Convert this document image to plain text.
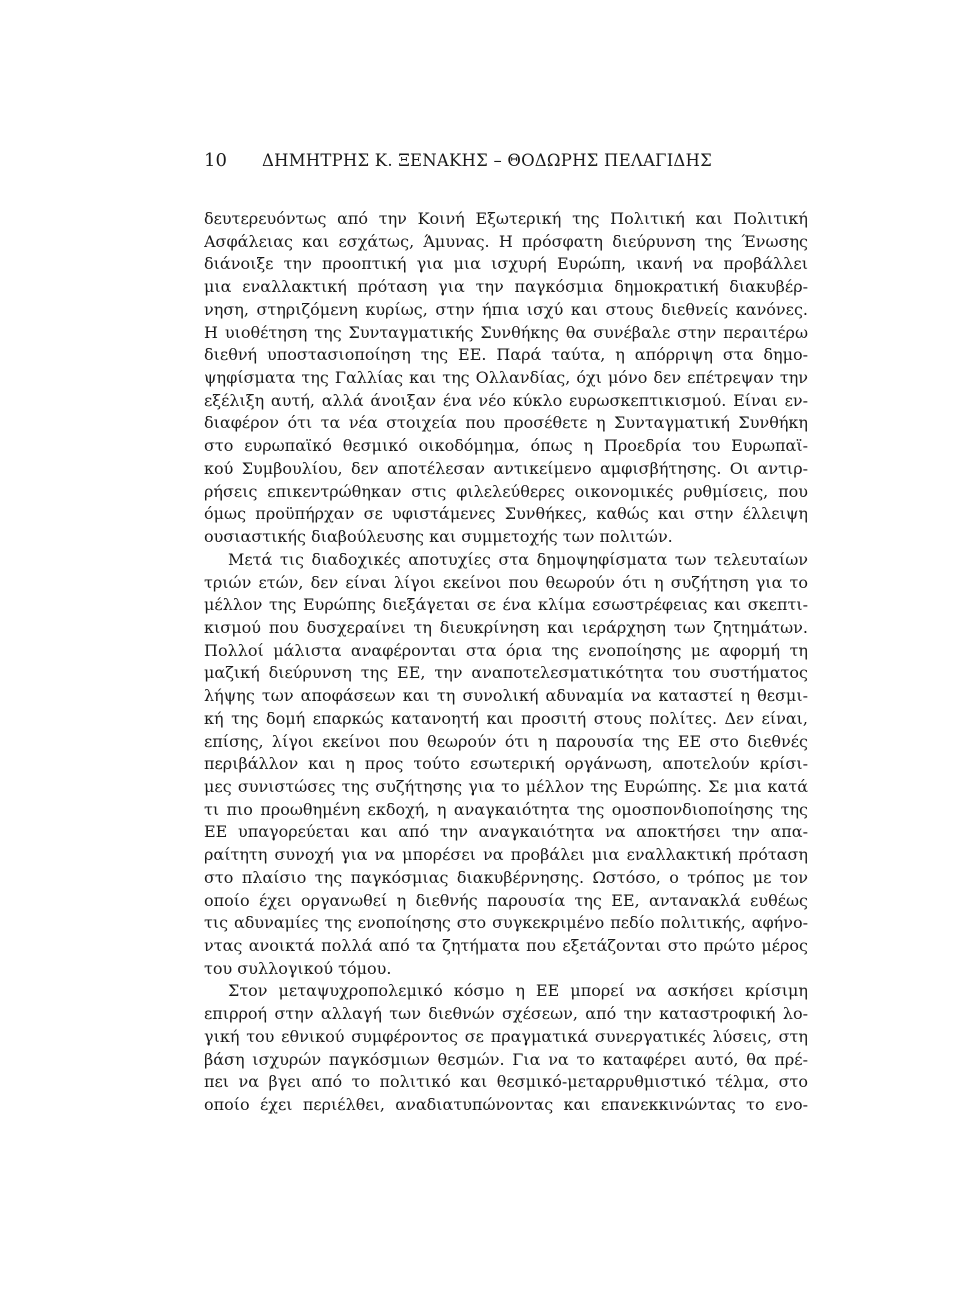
10	ΔΗΜΗΤΡΗΣ Κ. ΞΕΝΑΚΗΣ – ΘΟΔΩΡΗΣ ΠΕΛΑΓΙΔΗΣ
δευτερευόντως από την Κοινή Εξωτερική της Πολιτική και Πολιτική
Ασφάλειας και εσχάτως, Άμυνας. Η πρόσφατη διεύρυνση της Ένωσης
διάνοιξε την προοπτική για μια ισχυρή Ευρώπη, ικανή να προβάλλει
μια εναλλακτική πρόταση για την παγκόσμια δημοκρατική διακυβέρ-
νηση, στηριζόμενη κυρίως, στην ήπια ισχύ και στους διεθνείς κανόνες.
Η υιοθέτηση της Συνταγματικής Συνθήκης θα συνέβαλε στην περαιτέρω
διεθνή υποστασιοποίηση της ΕΕ. Παρά ταύτα, η απόρριψη στα δημο-
ψηφίσματα της Γαλλίας και της Ολλανδίας, όχι μόνο δεν επέτρεψαν την
εξέλιξη αυτή, αλλά άνοιξαν ένα νέο κύκλο ευρωσκεπτικισμού. Είναι εν-
διαφέρον ότι τα νέα στοιχεία που προσέθετε η Συνταγματική Συνθήκη
στο ευρωπαϊκό θεσμικό οικοδόμημα, όπως η Προεδρία του Ευρωπαϊ-
κού Συμβουλίου, δεν αποτέλεσαν αντικείμενο αμφισβήτησης. Οι αντιρ-
ρήσεις επικεντρώθηκαν στις φιλελεύθερες οικονομικές ρυθμίσεις, που
όμως προϋπήρχαν σε υφιστάμενες Συνθήκες, καθώς και στην έλλειψη
ουσιαστικής διαβούλευσης και συμμετοχής των πολιτών.
Μετά τις διαδοχικές αποτυχίες στα δημοψηφίσματα των τελευταίων
τριών ετών, δεν είναι λίγοι εκείνοι που θεωρούν ότι η συζήτηση για το
μέλλον της Ευρώπης διεξάγεται σε ένα κλίμα εσωστρέφειας και σκεπτι-
κισμού που δυσχεραίνει τη διευκρίνηση και ιεράρχηση των ζητημάτων.
Πολλοί μάλιστα αναφέρονται στα όρια της ενοποίησης με αφορμή τη
μαζική διεύρυνση της ΕΕ, την αναποτελεσματικότητα του συστήματος
λήψης των αποφάσεων και τη συνολική αδυναμία να καταστεί η θεσμι-
κή της δομή επαρκώς κατανοητή και προσιτή στους πολίτες. Δεν είναι,
επίσης, λίγοι εκείνοι που θεωρούν ότι η παρουσία της ΕΕ στο διεθνές
περιβάλλον και η προς τούτο εσωτερική οργάνωση, αποτελούν κρίσι-
μες συνιστώσες της συζήτησης για το μέλλον της Ευρώπης. Σε μια κατά
τι πιο προωθημένη εκδοχή, η αναγκαιότητα της ομοσπονδιοποίησης της
ΕΕ υπαγορεύεται και από την αναγκαιότητα να αποκτήσει την απα-
ραίτητη συνοχή για να μπορέσει να προβάλει μια εναλλακτική πρόταση
στο πλαίσιο της παγκόσμιας διακυβέρνησης. Ωστόσο, ο τρόπος με τον
οποίο έχει οργανωθεί η διεθνής παρουσία της ΕΕ, αντανακλά ευθέως
τις αδυναμίες της ενοποίησης στο συγκεκριμένο πεδίο πολιτικής, αφήνο-
ντας ανοικτά πολλά από τα ζητήματα που εξετάζονται στο πρώτο μέρος
του συλλογικού τόμου.
Στον μεταψυχροπολεμικό κόσμο η ΕΕ μπορεί να ασκήσει κρίσιμη
επιρροή στην αλλαγή των διεθνών σχέσεων, από την καταστροφική λο-
γική του εθνικού συμφέροντος σε πραγματικά συνεργατικές λύσεις, στη
βάση ισχυρών παγκόσμιων θεσμών. Για να το καταφέρει αυτό, θα πρέ-
πει να βγει από το πολιτικό και θεσμικό-μεταρρυθμιστικό τέλμα, στο
οποίο έχει περιέλθει, αναδιατυπώνοντας και επανεκκινώντας το ενο-
